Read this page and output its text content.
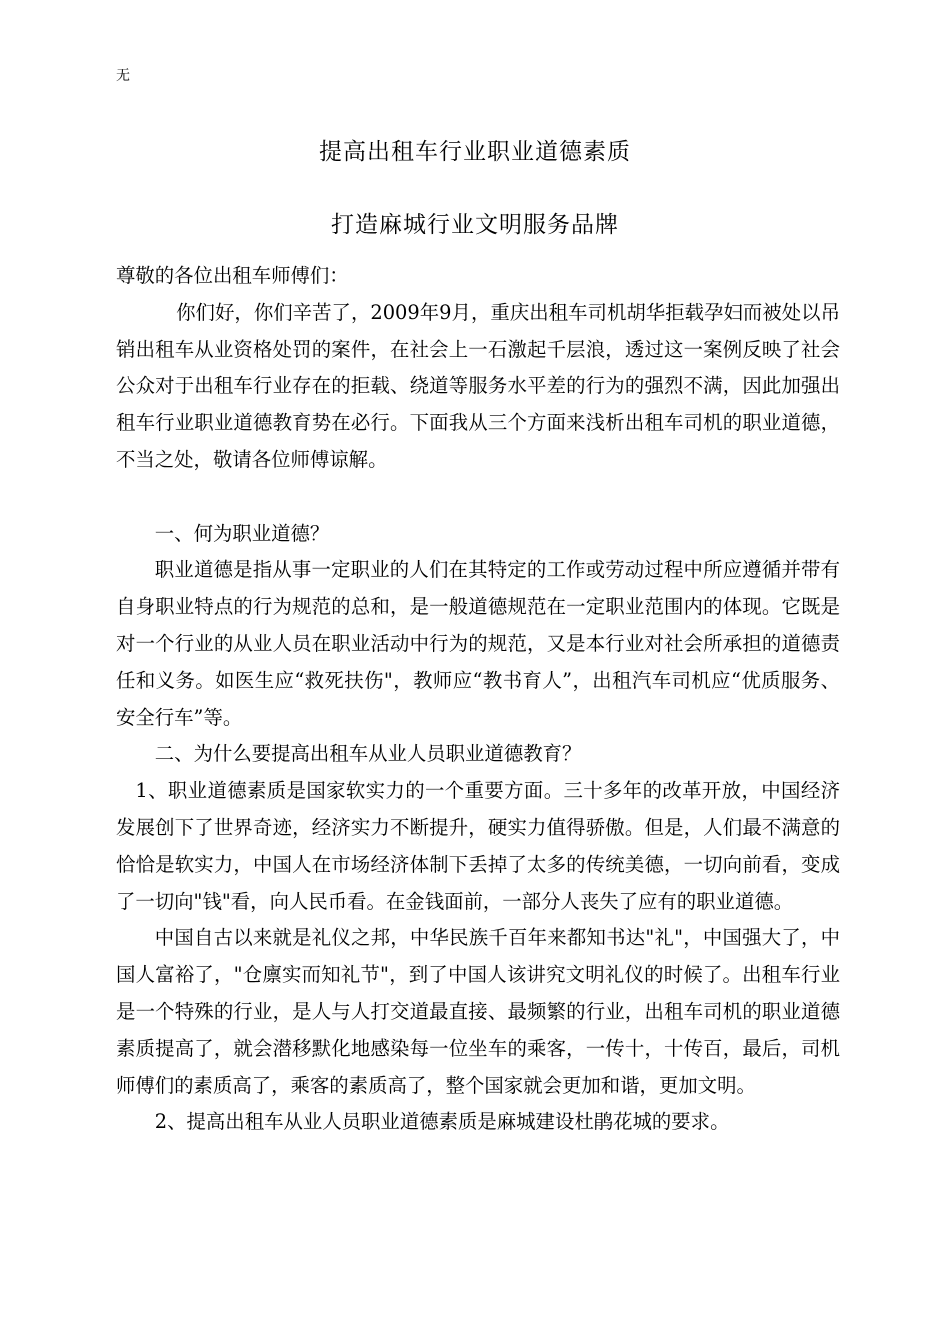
无
提高出租车行业职业道德素质
打造麻城行业文明服务品牌

尊敬的各位出租车师傅们：

你们好，你们辛苦了，2009年9月，重庆出租车司机胡华拒载孕妇而被处以吊销出租车从业资格处罚的案件，在社会上一石激起千层浪，透过这一案例反映了社会公众对于出租车行业存在的拒载、绕道等服务水平差的行为的强烈不满，因此加强出租车行业职业道德教育势在必行。下面我从三个方面来浅析出租车司机的职业道德，不当之处，敬请各位师傅谅解。

一、何为职业道德？

职业道德是指从事一定职业的人们在其特定的工作或劳动过程中所应遵循并带有自身职业特点的行为规范的总和，是一般道德规范在一定职业范围内的体现。它既是对一个行业的从业人员在职业活动中行为的规范，又是本行业对社会所承担的道德责任和义务。如医生应“救死扶伤"，教师应“教书育人”，出租汽车司机应“优质服务、安全行车”等。

二、为什么要提高出租车从业人员职业道德教育？

1、职业道德素质是国家软实力的一个重要方面。三十多年的改革开放，中国经济发展创下了世界奇迹，经济实力不断提升，硬实力值得骄傲。但是，人们最不满意的恰恰是软实力，中国人在市场经济体制下丢掉了太多的传统美德，一切向前看，变成了一切向"钱"看，向人民币看。在金钱面前，一部分人丧失了应有的职业道德。

中国自古以来就是礼仪之邦，中华民族千百年来都知书达"礼"，中国强大了，中国人富裕了，"仓廪实而知礼节"，到了中国人该讲究文明礼仪的时候了。出租车行业是一个特殊的行业，是人与人打交道最直接、最频繁的行业，出租车司机的职业道德素质提高了，就会潜移默化地感染每一位坐车的乘客，一传十，十传百，最后，司机师傅们的素质高了，乘客的素质高了，整个国家就会更加和谐，更加文明。

2、提高出租车从业人员职业道德素质是麻城建设杜鹃花城的要求。
